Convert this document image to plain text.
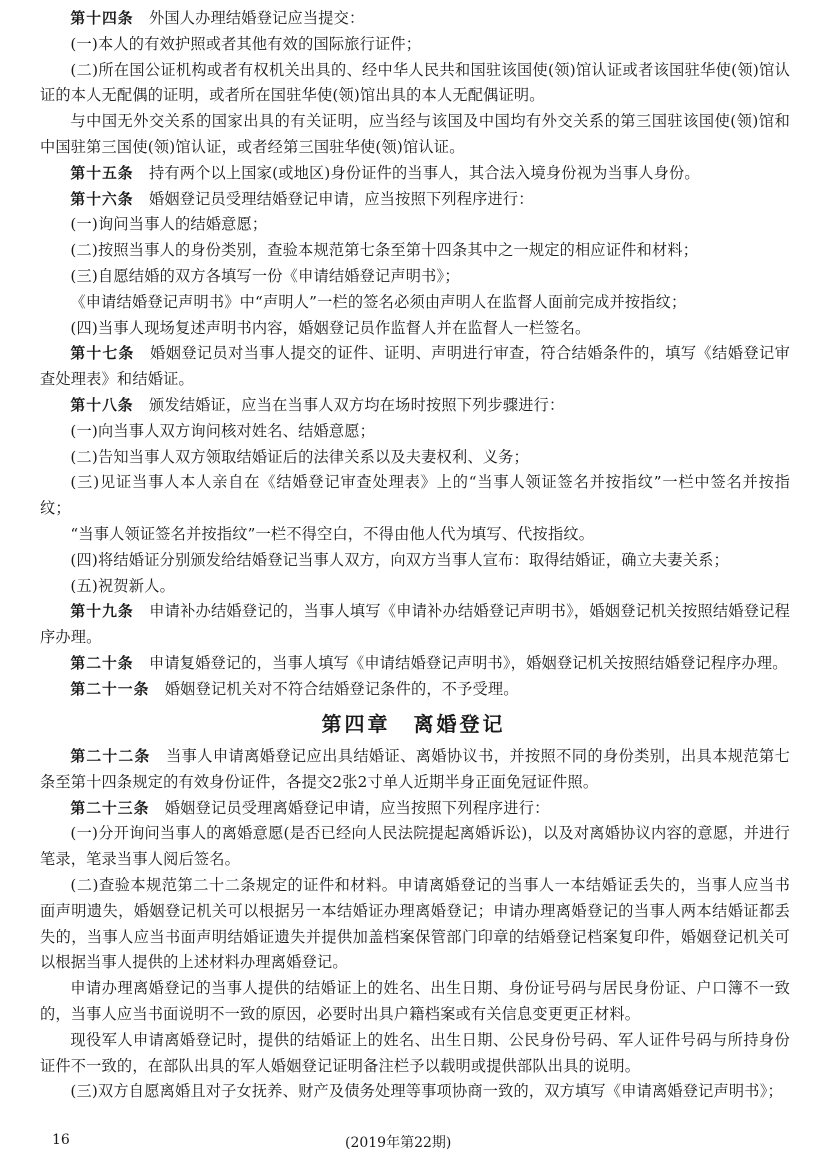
第十四条　外国人办理结婚登记应当提交：
(一)本人的有效护照或者其他有效的国际旅行证件；
(二)所在国公证机构或者有权机关出具的、经中华人民共和国驻该国使(领)馆认证或者该国驻华使(领)馆认证的本人无配偶的证明，或者所在国驻华使(领)馆出具的本人无配偶证明。
与中国无外交关系的国家出具的有关证明，应当经与该国及中国均有外交关系的第三国驻该国使(领)馆和中国驻第三国使(领)馆认证，或者经第三国驻华使(领)馆认证。
第十五条　持有两个以上国家(或地区)身份证件的当事人，其合法入境身份视为当事人身份。
第十六条　婚姻登记员受理结婚登记申请，应当按照下列程序进行：
(一)询问当事人的结婚意愿；
(二)按照当事人的身份类别，查验本规范第七条至第十四条其中之一规定的相应证件和材料；
(三)自愿结婚的双方各填写一份《申请结婚登记声明书》；
《申请结婚登记声明书》中“声明人”一栏的签名必须由声明人在监督人面前完成并按指纹；
(四)当事人现场复述声明书内容，婚姻登记员作监督人并在监督人一栏签名。
第十七条　婚姻登记员对当事人提交的证件、证明、声明进行审查，符合结婚条件的，填写《结婚登记审查处理表》和结婚证。
第十八条　颁发结婚证，应当在当事人双方均在场时按照下列步骤进行：
(一)向当事人双方询问核对姓名、结婚意愿；
(二)告知当事人双方领取结婚证后的法律关系以及夫妻权利、义务；
(三)见证当事人本人亲自在《结婚登记审查处理表》上的“当事人领证签名并按指纹”一栏中签名并按指纹；
“当事人领证签名并按指纹”一栏不得空白，不得由他人代为填写、代按指纹。
(四)将结婚证分别颁发给结婚登记当事人双方，向双方当事人宣布：取得结婚证，确立夫妻关系；
(五)祝贺新人。
第十九条　申请补办结婚登记的，当事人填写《申请补办结婚登记声明书》，婚姻登记机关按照结婚登记程序办理。
第二十条　申请复婚登记的，当事人填写《申请结婚登记声明书》，婚姻登记机关按照结婚登记程序办理。
第二十一条　婚姻登记机关对不符合结婚登记条件的，不予受理。
第四章　离婚登记
第二十二条　当事人申请离婚登记应出具结婚证、离婚协议书，并按照不同的身份类别，出具本规范第七条至第十四条规定的有效身份证件，各提交2张2寸单人近期半身正面免冠证件照。
第二十三条　婚姻登记员受理离婚登记申请，应当按照下列程序进行：
(一)分开询问当事人的离婚意愿(是否已经向人民法院提起离婚诉讼)，以及对离婚协议内容的意愿，并进行笔录，笔录当事人阅后签名。
(二)查验本规范第二十二条规定的证件和材料。申请离婚登记的当事人一本结婚证丢失的，当事人应当书面声明遗失，婚姻登记机关可以根据另一本结婚证办理离婚登记；申请办理离婚登记的当事人两本结婚证都丢失的，当事人应当书面声明结婚证遗失并提供加盖档案保管部门印章的结婚登记档案复印件，婚姻登记机关可以根据当事人提供的上述材料办理离婚登记。
申请办理离婚登记的当事人提供的结婚证上的姓名、出生日期、身份证号码与居民身份证、户口簿不一致的，当事人应当书面说明不一致的原因，必要时出具户籍档案或有关信息变更更正材料。
现役军人申请离婚登记时，提供的结婚证上的姓名、出生日期、公民身份号码、军人证件号码与所持身份证件不一致的，在部队出具的军人婚姻登记证明备注栏予以载明或提供部队出具的说明。
(三)双方自愿离婚且对子女抚养、财产及债务处理等事项协商一致的，双方填写《申请离婚登记声明书》；
16	(2019年第22期)
